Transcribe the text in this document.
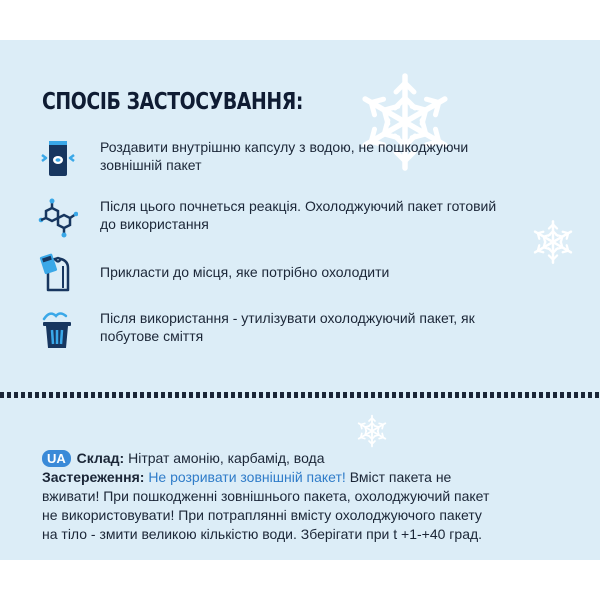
СПОСІБ ЗАСТОСУВАННЯ:
Роздавити внутрішню капсулу з водою, не пошкоджуючи зовнішній пакет
Після цього почнеться реакція. Охолоджуючий пакет готовий до використання
Прикласти до місця, яке потрібно охолодити
Після використання - утилізувати охолоджуючий пакет, як побутове сміття
UA Склад: Нітрат амонію, карбамід, вода
Застереження: Не розривати зовнішній пакет! Вміст пакета не вживати! При пошкодженні зовнішнього пакета, охолоджуючий пакет не використовувати! При потраплянні вмісту охолоджуючого пакету на тіло - змити великою кількістю води. Зберігати при t +1-+40 град.
